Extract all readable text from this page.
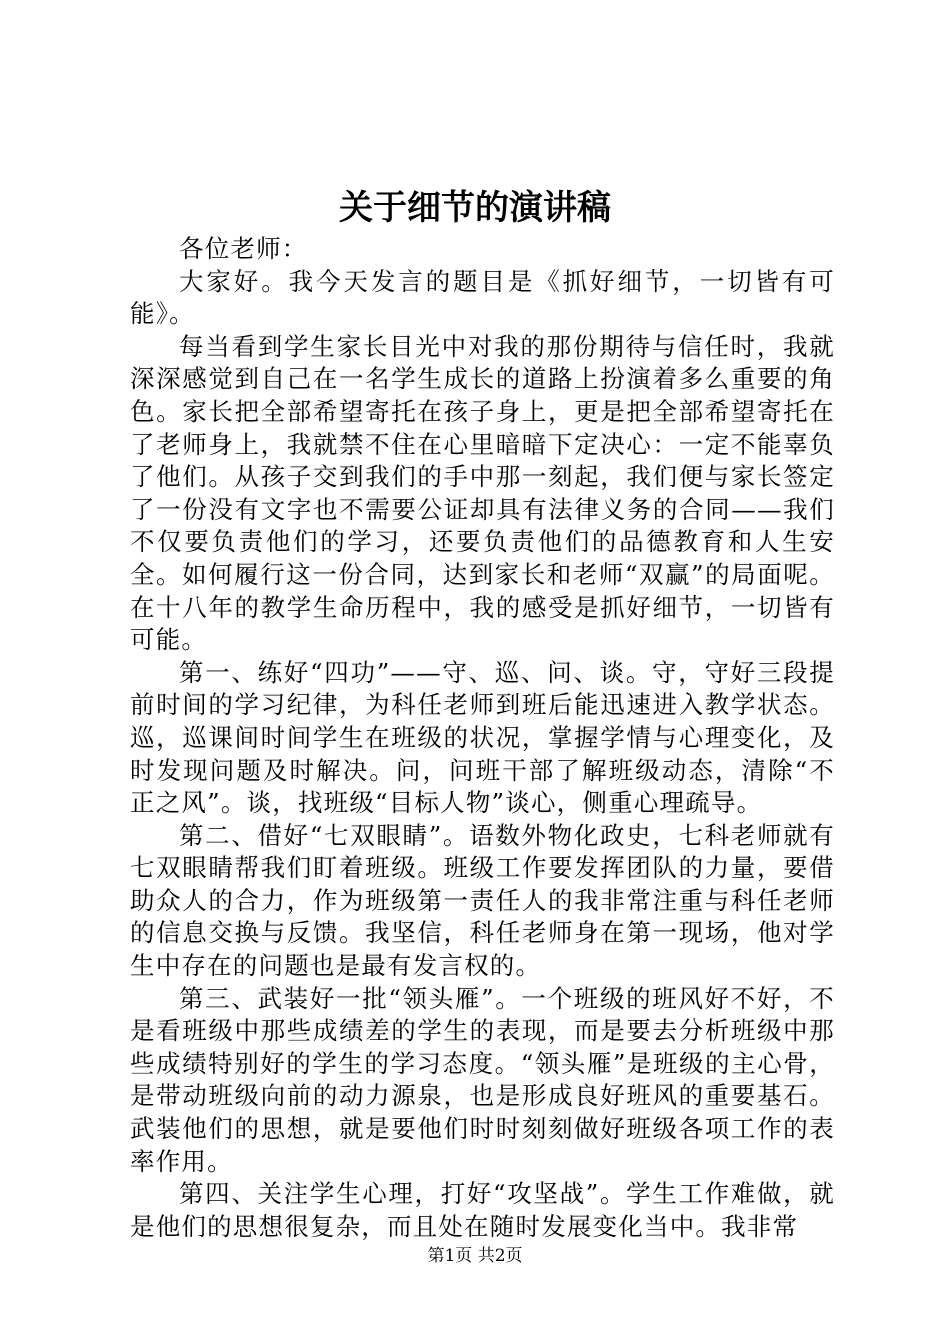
关于细节的演讲稿

各位老师：

大家好。我今天发言的题目是《抓好细节，一切皆有可能》。

每当看到学生家长目光中对我的那份期待与信任时，我就深深感觉到自己在一名学生成长的道路上扮演着多么重要的角色。家长把全部希望寄托在孩子身上，更是把全部希望寄托在了老师身上，我就禁不住在心里暗暗下定决心：一定不能辜负了他们。从孩子交到我们的手中那一刻起，我们便与家长签定了一份没有文字也不需要公证却具有法律义务的合同——我们不仅要负责他们的学习，还要负责他们的品德教育和人生安全。如何履行这一份合同，达到家长和老师“双赢”的局面呢。在十八年的教学生命历程中，我的感受是抓好细节，一切皆有可能。

第一、练好“四功”——守、巡、问、谈。守，守好三段提前时间的学习纪律，为科任老师到班后能迅速进入教学状态。巡，巡课间时间学生在班级的状况，掌握学情与心理变化，及时发现问题及时解决。问，问班干部了解班级动态，清除“不正之风”。谈，找班级“目标人物”谈心，侧重心理疏导。

第二、借好“七双眼睛”。语数外物化政史，七科老师就有七双眼睛帮我们盯着班级。班级工作要发挥团队的力量，要借助众人的合力，作为班级第一责任人的我非常注重与科任老师的信息交换与反馈。我坚信，科任老师身在第一现场，他对学生中存在的问题也是最有发言权的。

第三、武装好一批“领头雁”。一个班级的班风好不好，不是看班级中那些成绩差的学生的表现，而是要去分析班级中那些成绩特别好的学生的学习态度。“领头雁”是班级的主心骨，是带动班级向前的动力源泉，也是形成良好班风的重要基石。武装他们的思想，就是要他们时时刻刻做好班级各项工作的表率作用。

第四、关注学生心理，打好“攻坚战”。学生工作难做，就是他们的思想很复杂，而且处在随时发展变化当中。我非常

第1页 共2页
